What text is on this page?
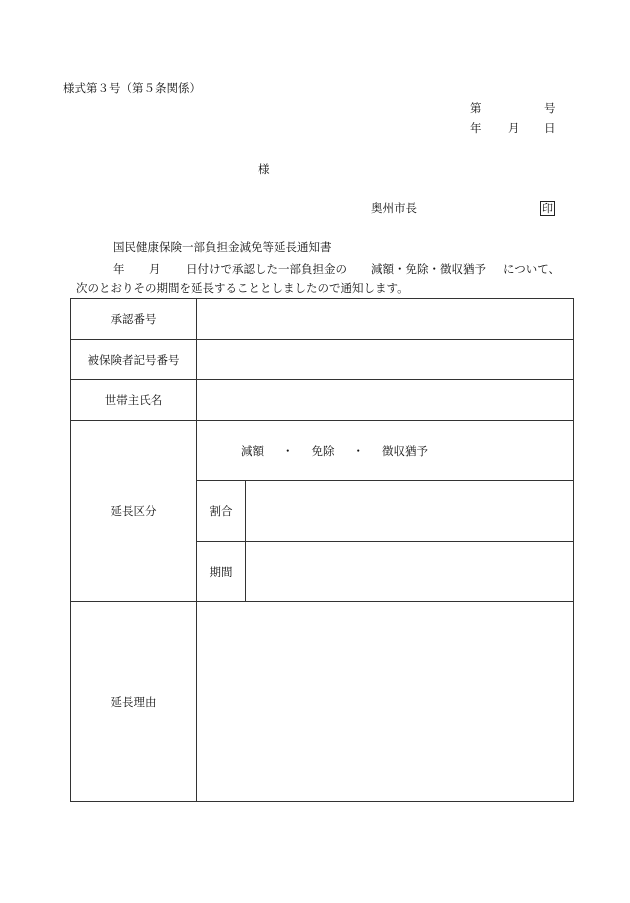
様式第３号（第５条関係）
第	号
年 月 日
様
奥州市長	印
国民健康保険一部負担金減免等延長通知書
年 月 日付けで承認した一部負担金の 減額・免除・徴収猶予 について、
次のとおりその期間を延長することとしましたので通知します。
承認番号		
被保険者記号番号		
世帯主氏名		
延長区分	減額 ・ 免除 ・ 徴収猶予	
	割合	
	期間	
延長理由		
